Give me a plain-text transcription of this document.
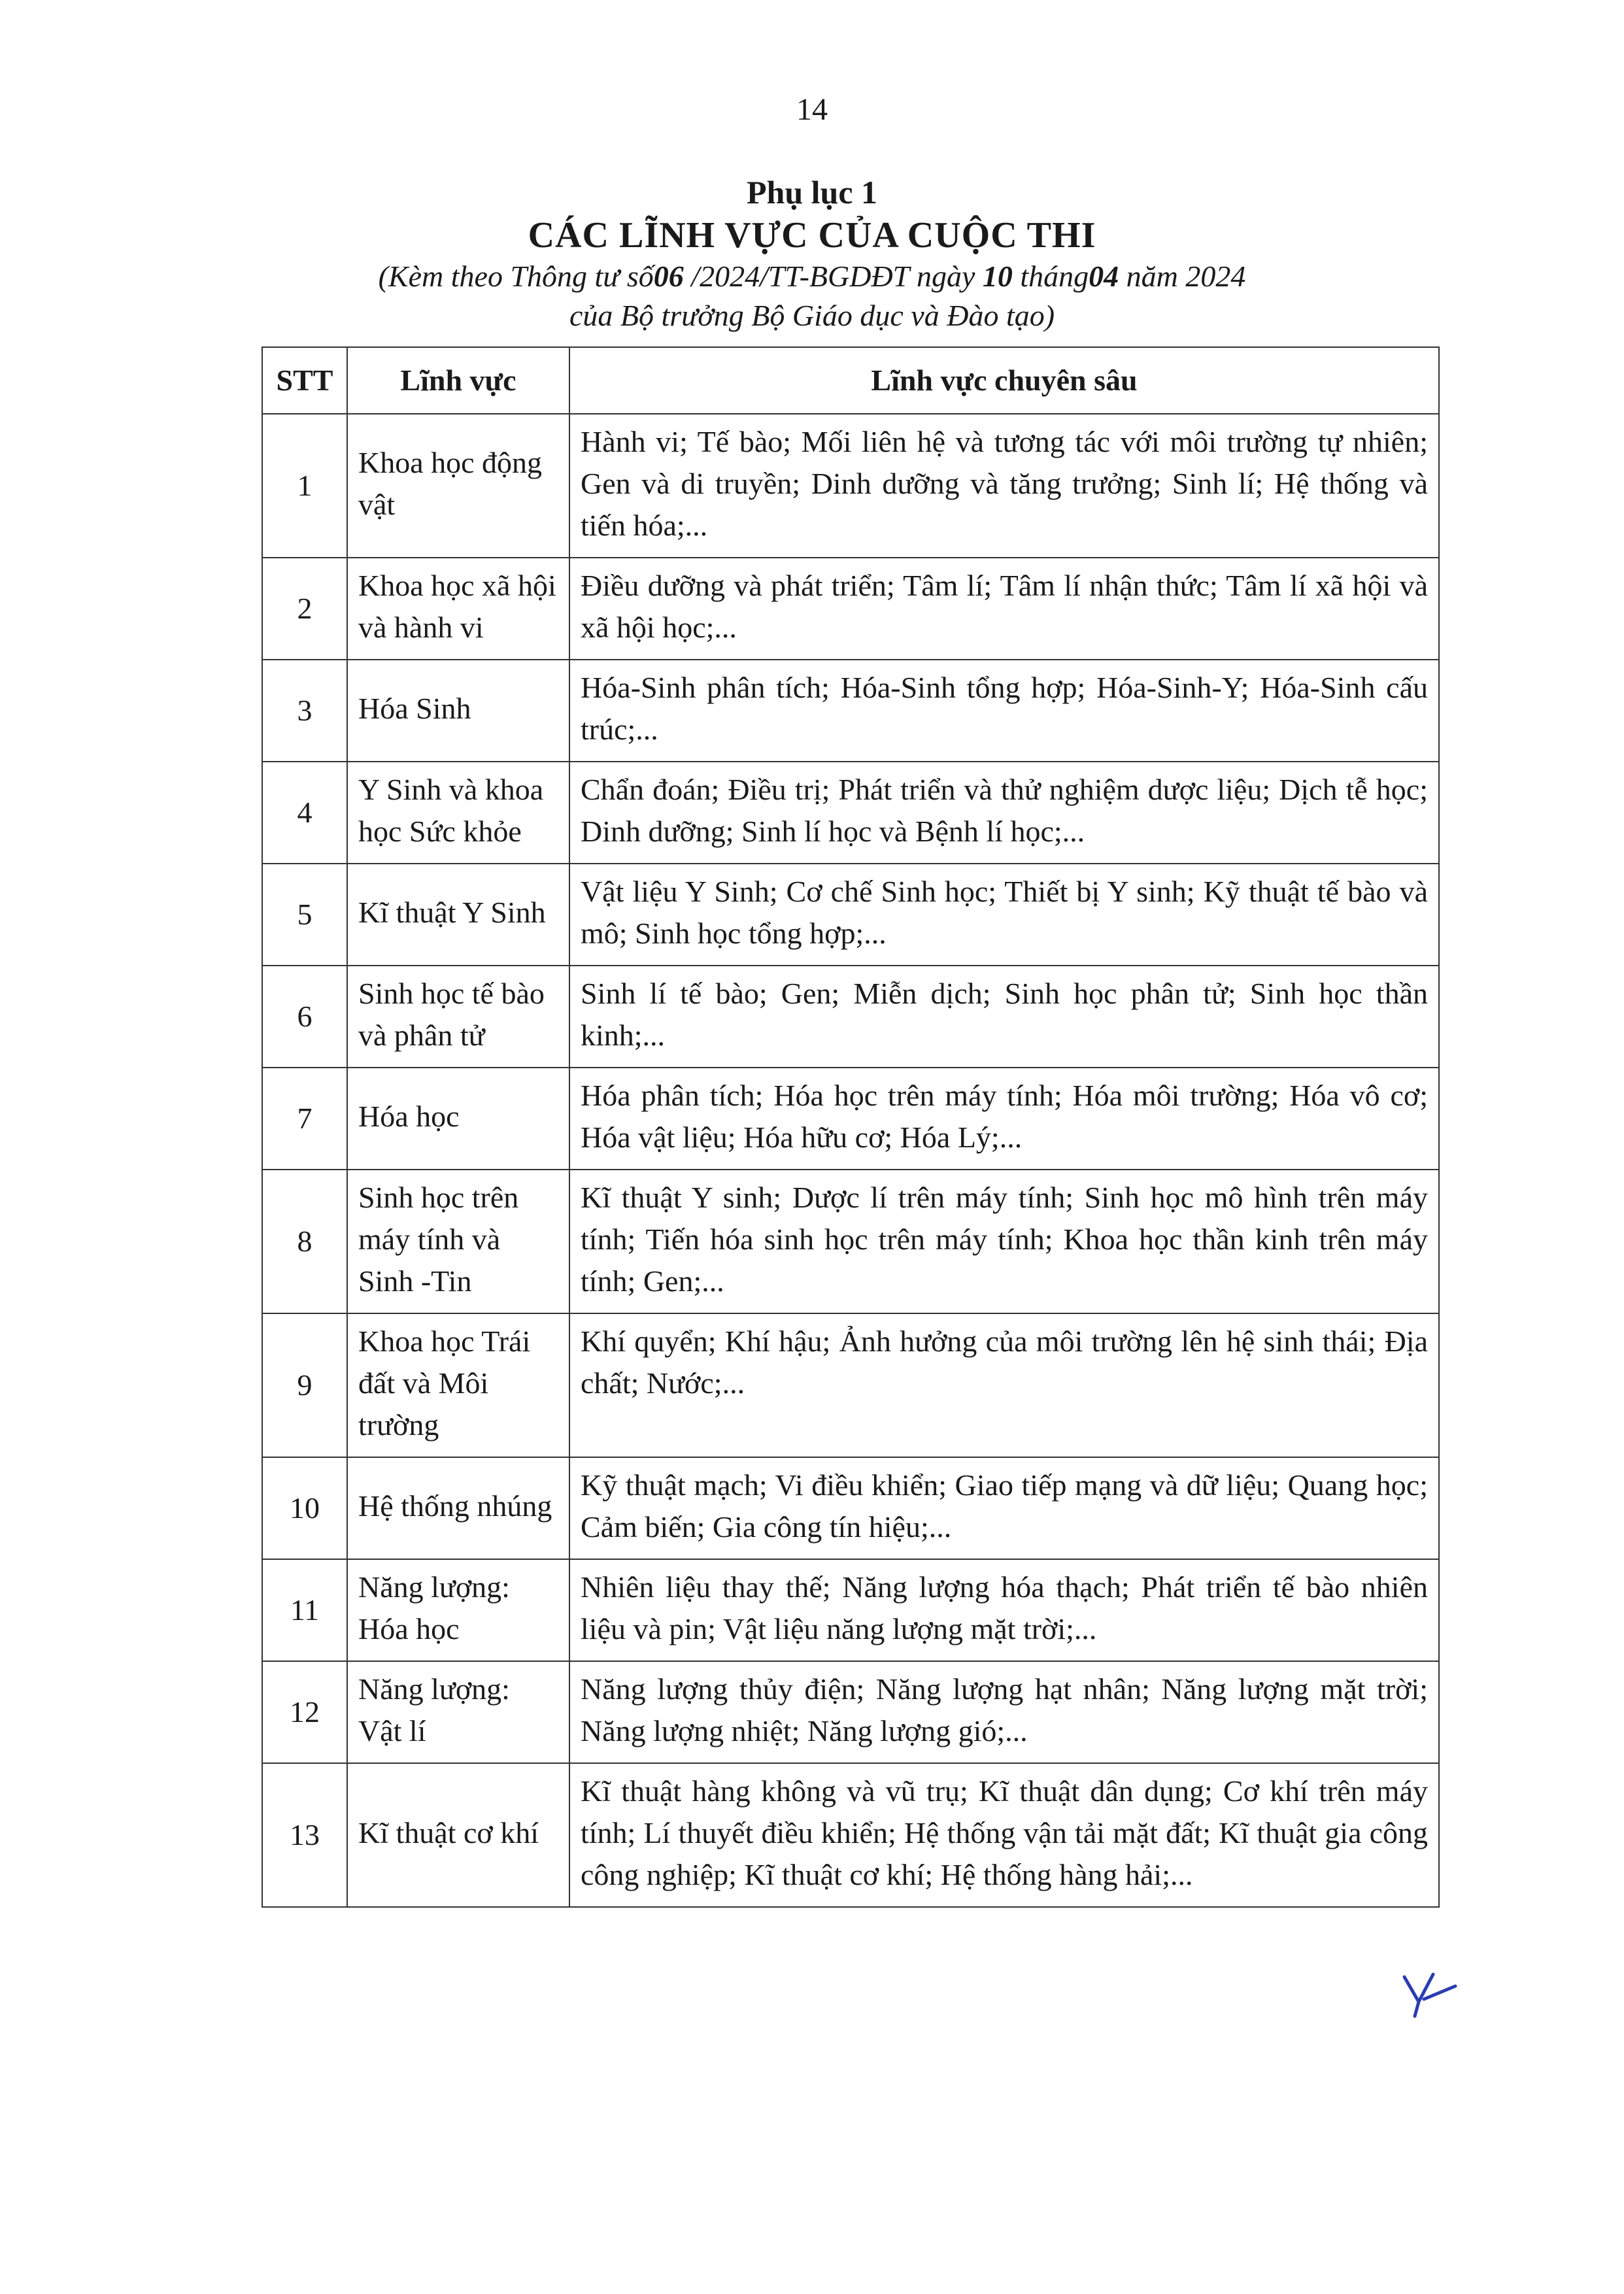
14
Phụ lục 1
CÁC LĨNH VỰC CỦA CUỘC THI
(Kèm theo Thông tư số06 /2024/TT-BGDĐT ngày 10 tháng04 năm 2024
của Bộ trưởng Bộ Giáo dục và Đào tạo)
STT	Lĩnh vực	Lĩnh vực chuyên sâu
1	Khoa học động vật	Hành vi; Tế bào; Mối liên hệ và tương tác với môi trường tự nhiên; Gen và di truyền; Dinh dưỡng và tăng trưởng; Sinh lí; Hệ thống và tiến hóa;...
2	Khoa học xã hội và hành vi	Điều dưỡng và phát triển; Tâm lí; Tâm lí nhận thức; Tâm lí xã hội và xã hội học;...
3	Hóa Sinh	Hóa-Sinh phân tích; Hóa-Sinh tổng hợp; Hóa-Sinh-Y; Hóa-Sinh cấu trúc;...
4	Y Sinh và khoa học Sức khỏe	Chẩn đoán; Điều trị; Phát triển và thử nghiệm dược liệu; Dịch tễ học; Dinh dưỡng; Sinh lí học và Bệnh lí học;...
5	Kĩ thuật Y Sinh	Vật liệu Y Sinh; Cơ chế Sinh học; Thiết bị Y sinh; Kỹ thuật tế bào và mô; Sinh học tổng hợp;...
6	Sinh học tế bào và phân tử	Sinh lí tế bào; Gen; Miễn dịch; Sinh học phân tử; Sinh học thần kinh;...
7	Hóa học	Hóa phân tích; Hóa học trên máy tính; Hóa môi trường; Hóa vô cơ; Hóa vật liệu; Hóa hữu cơ; Hóa Lý;...
8	Sinh học trên máy tính và Sinh -Tin	Kĩ thuật Y sinh; Dược lí trên máy tính; Sinh học mô hình trên máy tính; Tiến hóa sinh học trên máy tính; Khoa học thần kinh trên máy tính; Gen;...
9	Khoa học Trái đất và Môi trường	Khí quyển; Khí hậu; Ảnh hưởng của môi trường lên hệ sinh thái; Địa chất; Nước;...
10	Hệ thống nhúng	Kỹ thuật mạch; Vi điều khiển; Giao tiếp mạng và dữ liệu; Quang học; Cảm biến; Gia công tín hiệu;...
11	Năng lượng: Hóa học	Nhiên liệu thay thế; Năng lượng hóa thạch; Phát triển tế bào nhiên liệu và pin; Vật liệu năng lượng mặt trời;...
12	Năng lượng: Vật lí	Năng lượng thủy điện; Năng lượng hạt nhân; Năng lượng mặt trời; Năng lượng nhiệt; Năng lượng gió;...
13	Kĩ thuật cơ khí	Kĩ thuật hàng không và vũ trụ; Kĩ thuật dân dụng; Cơ khí trên máy tính; Lí thuyết điều khiển; Hệ thống vận tải mặt đất; Kĩ thuật gia công công nghiệp; Kĩ thuật cơ khí; Hệ thống hàng hải;...
